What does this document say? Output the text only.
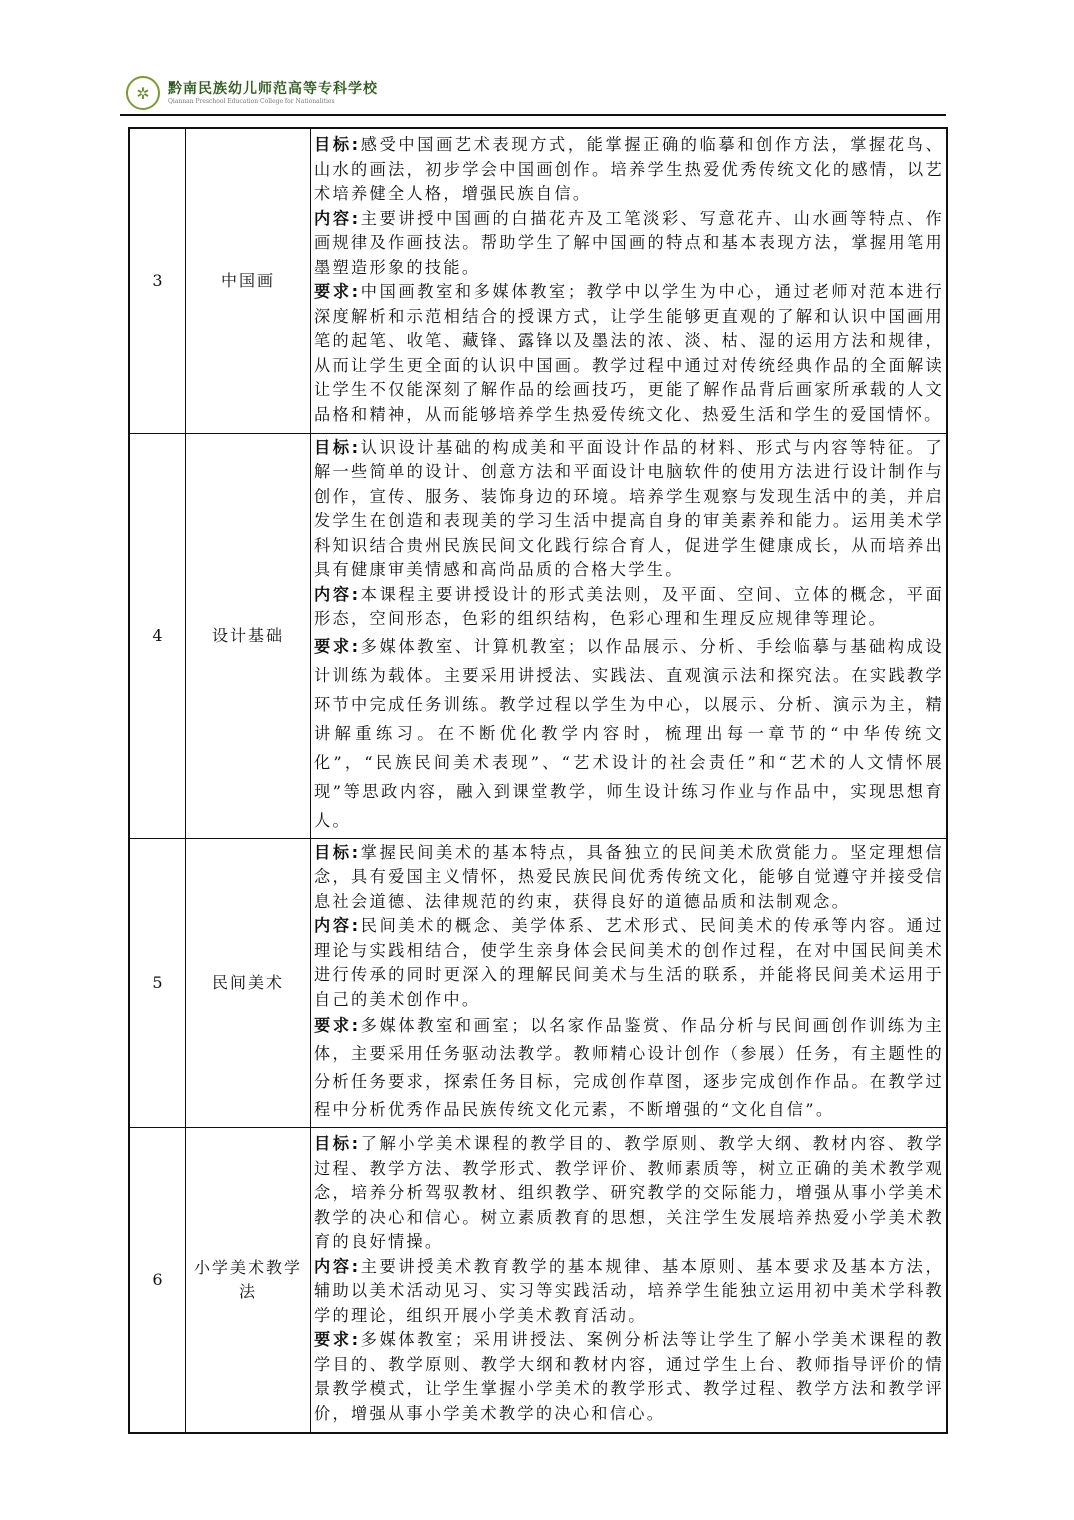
✲	黔南民族幼儿师范高等专科学校
Qiannan Preschool Education College for Nationalities
3	中国画	目标:感受中国画艺术表现方式，能掌握正确的临摹和创作方法，掌握花鸟、山水的画法，初步学会中国画创作。培养学生热爱优秀传统文化的感情，以艺术培养健全人格，增强民族自信。

内容:主要讲授中国画的白描花卉及工笔淡彩、写意花卉、山水画等特点、作画规律及作画技法。帮助学生了解中国画的特点和基本表现方法，掌握用笔用墨塑造形象的技能。

要求:中国画教室和多媒体教室；教学中以学生为中心，通过老师对范本进行深度解析和示范相结合的授课方式，让学生能够更直观的了解和认识中国画用笔的起笔、收笔、藏锋、露锋以及墨法的浓、淡、枯、湿的运用方法和规律，从而让学生更全面的认识中国画。教学过程中通过对传统经典作品的全面解读让学生不仅能深刻了解作品的绘画技巧，更能了解作品背后画家所承载的人文品格和精神，从而能够培养学生热爱传统文化、热爱生活和学生的爱国情怀。

4	设计基础	目标:认识设计基础的构成美和平面设计作品的材料、形式与内容等特征。了解一些简单的设计、创意方法和平面设计电脑软件的使用方法进行设计制作与创作，宣传、服务、装饰身边的环境。培养学生观察与发现生活中的美，并启发学生在创造和表现美的学习生活中提高自身的审美素养和能力。运用美术学科知识结合贵州民族民间文化践行综合育人，促进学生健康成长，从而培养出具有健康审美情感和高尚品质的合格大学生。

内容:本课程主要讲授设计的形式美法则，及平面、空间、立体的概念，平面形态，空间形态，色彩的组织结构，色彩心理和生理反应规律等理论。

要求:多媒体教室、计算机教室；以作品展示、分析、手绘临摹与基础构成设计训练为载体。主要采用讲授法、实践法、直观演示法和探究法。在实践教学环节中完成任务训练。教学过程以学生为中心，以展示、分析、演示为主，精讲解重练习。在不断优化教学内容时，梳理出每一章节的“中华传统文化”，“民族民间美术表现”、“艺术设计的社会责任”和“艺术的人文情怀展现”等思政内容，融入到课堂教学，师生设计练习作业与作品中，实现思想育人。

5	民间美术	目标:掌握民间美术的基本特点，具备独立的民间美术欣赏能力。坚定理想信念，具有爱国主义情怀，热爱民族民间优秀传统文化，能够自觉遵守并接受信息社会道德、法律规范的约束，获得良好的道德品质和法制观念。

内容:民间美术的概念、美学体系、艺术形式、民间美术的传承等内容。通过理论与实践相结合，使学生亲身体会民间美术的创作过程，在对中国民间美术进行传承的同时更深入的理解民间美术与生活的联系，并能将民间美术运用于自己的美术创作中。

要求:多媒体教室和画室；以名家作品鉴赏、作品分析与民间画创作训练为主体，主要采用任务驱动法教学。教师精心设计创作（参展）任务，有主题性的分析任务要求，探索任务目标，完成创作草图，逐步完成创作作品。在教学过程中分析优秀作品民族传统文化元素，不断增强的“文化自信”。

6	小学美术教学法	目标:了解小学美术课程的教学目的、教学原则、教学大纲、教材内容、教学过程、教学方法、教学形式、教学评价、教师素质等，树立正确的美术教学观念，培养分析驾驭教材、组织教学、研究教学的交际能力，增强从事小学美术教学的决心和信心。树立素质教育的思想，关注学生发展培养热爱小学美术教育的良好情操。

内容:主要讲授美术教育教学的基本规律、基本原则、基本要求及基本方法，辅助以美术活动见习、实习等实践活动，培养学生能独立运用初中美术学科教学的理论，组织开展小学美术教育活动。

要求:多媒体教室；采用讲授法、案例分析法等让学生了解小学美术课程的教学目的、教学原则、教学大纲和教材内容，通过学生上台、教师指导评价的情景教学模式，让学生掌握小学美术的教学形式、教学过程、教学方法和教学评价，增强从事小学美术教学的决心和信心。
